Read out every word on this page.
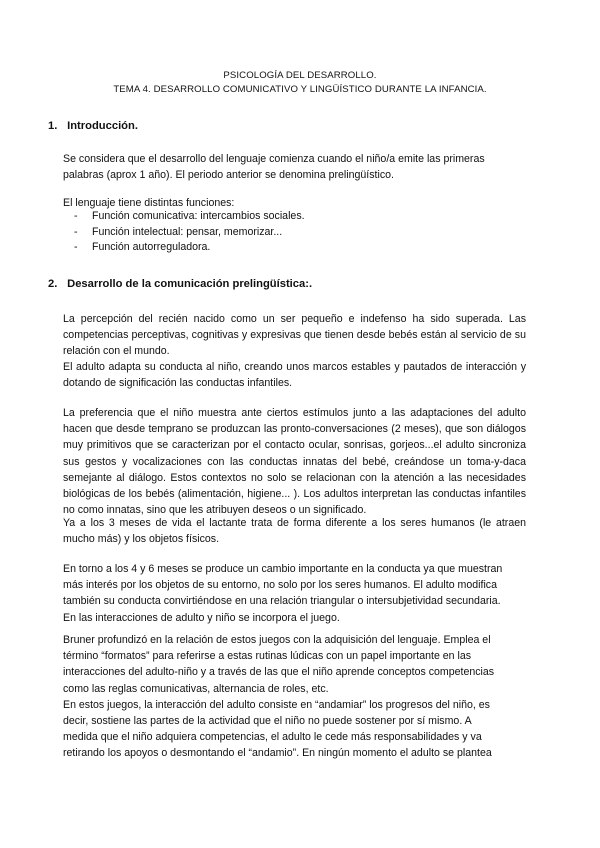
PSICOLOGÍA DEL DESARROLLO.
TEMA 4. DESARROLLO COMUNICATIVO Y LINGÜÍSTICO DURANTE LA INFANCIA.
1. Introducción.
Se considera que el desarrollo del lenguaje comienza cuando el niño/a emite las primeras
palabras (aprox 1 año). El periodo anterior se denomina prelingüístico.
El lenguaje tiene distintas funciones:
- Función comunicativa: intercambios sociales.
- Función intelectual: pensar, memorizar...
- Función autorreguladora.
2. Desarrollo de la comunicación prelingüística:.
La percepción del recién nacido como un ser pequeño e indefenso ha sido superada. Las competencias perceptivas, cognitivas y expresivas que tienen desde bebés están al servicio de su relación con el mundo.
El adulto adapta su conducta al niño, creando unos marcos estables y pautados de interacción y dotando de significación las conductas infantiles.
La preferencia que el niño muestra ante ciertos estímulos junto a las adaptaciones del adulto hacen que desde temprano se produzcan las pronto-conversaciones (2 meses), que son diálogos muy primitivos que se caracterizan por el contacto ocular, sonrisas, gorjeos...el adulto sincroniza sus gestos y vocalizaciones con las conductas innatas del bebé, creándose un toma-y-daca semejante al diálogo. Estos contextos no solo se relacionan con la atención a las necesidades biológicas de los bebés (alimentación, higiene... ). Los adultos interpretan las conductas infantiles no como innatas, sino que les atribuyen deseos o un significado.
Ya a los 3 meses de vida el lactante trata de forma diferente a los seres humanos (le atraen mucho más) y los objetos físicos.
En torno a los 4 y 6 meses se produce un cambio importante en la conducta ya que muestran
más interés por los objetos de su entorno, no solo por los seres humanos. El adulto modifica
también su conducta convirtiéndose en una relación triangular o intersubjetividad secundaria.
En las interacciones de adulto y niño se incorpora el juego.
Bruner profundizó en la relación de estos juegos con la adquisición del lenguaje. Emplea el
término “formatos” para referirse a estas rutinas lúdicas con un papel importante en las
interacciones del adulto-niño y a través de las que el niño aprende conceptos competencias
como las reglas comunicativas, alternancia de roles, etc.
En estos juegos, la interacción del adulto consiste en “andamiar” los progresos del niño, es
decir, sostiene las partes de la actividad que el niño no puede sostener por sí mismo. A
medida que el niño adquiera competencias, el adulto le cede más responsabilidades y va
retirando los apoyos o desmontando el “andamio”. En ningún momento el adulto se plantea
